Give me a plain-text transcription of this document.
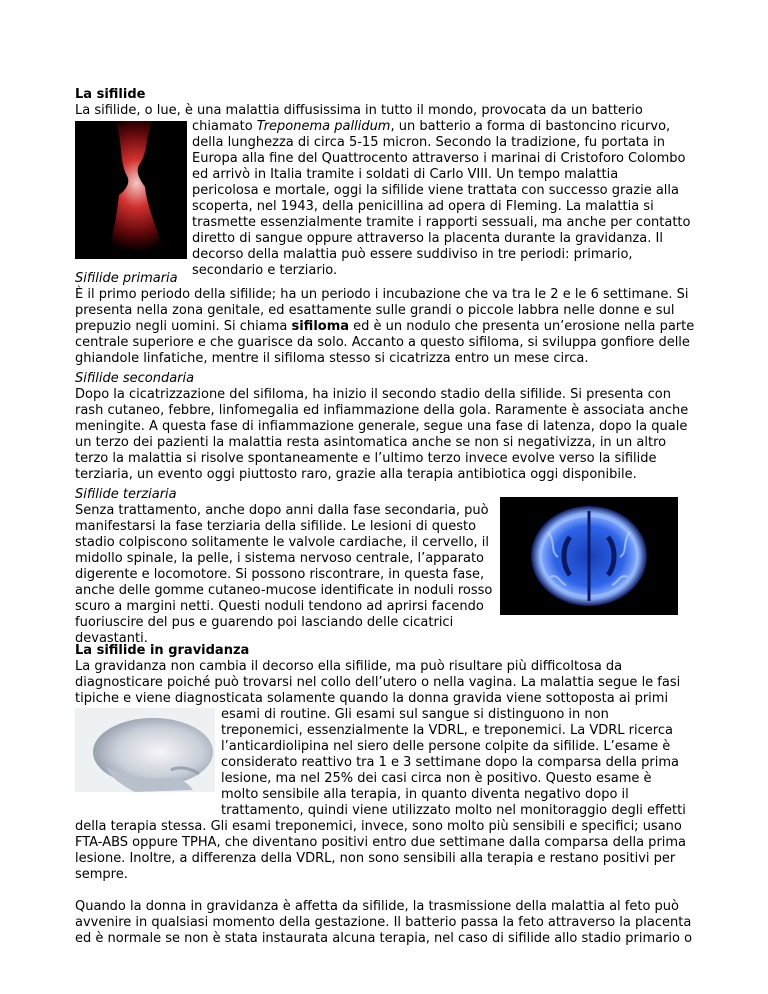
La sifilide

La sifilide, o lue, è una malattia diffusissima in tutto il mondo, provocata da un batterio

chiamato Treponema pallidum, un batterio a forma di bastoncino ricurvo,
della lunghezza di circa 5-15 micron. Secondo la tradizione, fu portata in
Europa alla fine del Quattrocento attraverso i marinai di Cristoforo Colombo
ed arrivò in Italia tramite i soldati di Carlo VIII. Un tempo malattia
pericolosa e mortale, oggi la sifilide viene trattata con successo grazie alla
scoperta, nel 1943, della penicillina ad opera di Fleming. La malattia si
trasmette essenzialmente tramite i rapporti sessuali, ma anche per contatto
diretto di sangue oppure attraverso la placenta durante la gravidanza. Il
decorso della malattia può essere suddiviso in tre periodi: primario,
secondario e terziario.

Sifilide primaria

È il primo periodo della sifilide; ha un periodo i incubazione che va tra le 2 e le 6 settimane. Si
presenta nella zona genitale, ed esattamente sulle grandi o piccole labbra nelle donne e sul
prepuzio negli uomini. Si chiama sifiloma ed è un nodulo che presenta un’erosione nella parte
centrale superiore e che guarisce da solo. Accanto a questo sifiloma, si sviluppa gonfiore delle
ghiandole linfatiche, mentre il sifiloma stesso si cicatrizza entro un mese circa.

Sifilide secondaria

Dopo la cicatrizzazione del sifiloma, ha inizio il secondo stadio della sifilide. Si presenta con
rash cutaneo, febbre, linfomegalia ed infiammazione della gola. Raramente è associata anche
meningite. A questa fase di infiammazione generale, segue una fase di latenza, dopo la quale
un terzo dei pazienti la malattia resta asintomatica anche se non si negativizza, in un altro
terzo la malattia si risolve spontaneamente e l’ultimo terzo invece evolve verso la sifilide
terziaria, un evento oggi piuttosto raro, grazie alla terapia antibiotica oggi disponibile.

Sifilide terziaria

Senza trattamento, anche dopo anni dalla fase secondaria, può
manifestarsi la fase terziaria della sifilide. Le lesioni di questo
stadio colpiscono solitamente le valvole cardiache, il cervello, il
midollo spinale, la pelle, i sistema nervoso centrale, l’apparato
digerente e locomotore. Si possono riscontrare, in questa fase,
anche delle gomme cutaneo-mucose identificate in noduli rosso
scuro a margini netti. Questi noduli tendono ad aprirsi facendo
fuoriuscire del pus e guarendo poi lasciando delle cicatrici
devastanti.

La sifilide in gravidanza

La gravidanza non cambia il decorso ella sifilide, ma può risultare più difficoltosa da
diagnosticare poiché può trovarsi nel collo dell’utero o nella vagina. La malattia segue le fasi
tipiche e viene diagnosticata solamente quando la donna gravida viene sottoposta ai primi
esami di routine. Gli esami sul sangue si distinguono in non
treponemici, essenzialmente la VDRL, e treponemici. La VDRL ricerca
l’anticardiolipina nel siero delle persone colpite da sifilide. L’esame è
considerato reattivo tra 1 e 3 settimane dopo la comparsa della prima
lesione, ma nel 25% dei casi circa non è positivo. Questo esame è
molto sensibile alla terapia, in quanto diventa negativo dopo il
trattamento, quindi viene utilizzato molto nel monitoraggio degli effetti
della terapia stessa. Gli esami treponemici, invece, sono molto più sensibili e specifici; usano
FTA-ABS oppure TPHA, che diventano positivi entro due settimane dalla comparsa della prima
lesione. Inoltre, a differenza della VDRL, non sono sensibili alla terapia e restano positivi per
sempre.
Quando la donna in gravidanza è affetta da sifilide, la trasmissione della malattia al feto può
avvenire in qualsiasi momento della gestazione. Il batterio passa la feto attraverso la placenta
ed è normale se non è stata instaurata alcuna terapia, nel caso di sifilide allo stadio primario o
